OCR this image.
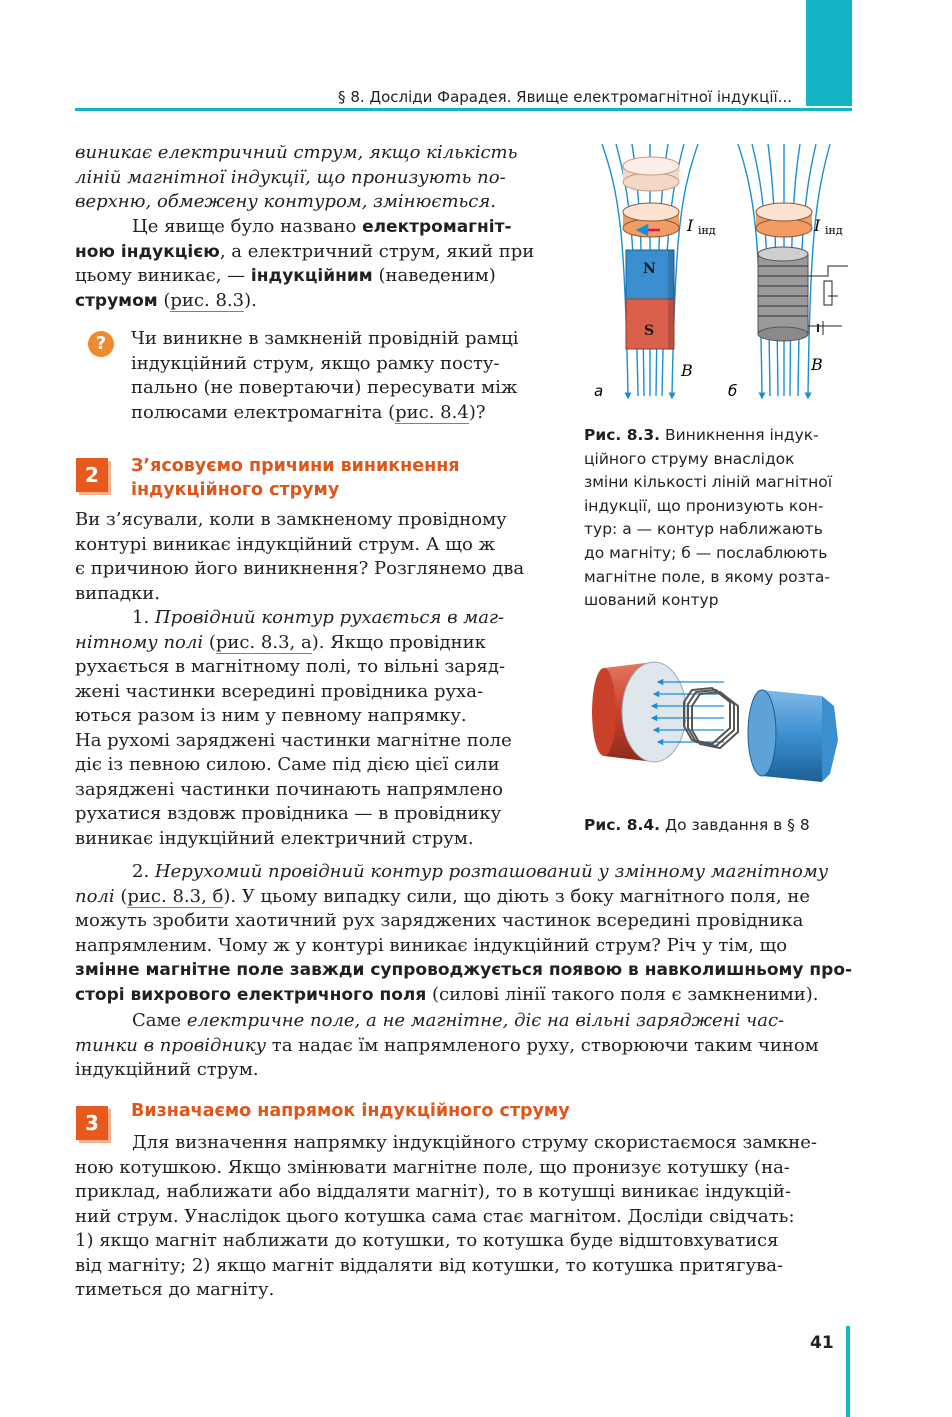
§ 8. Досліди Фарадея. Явище електромагнітної індукції...
виникає електричний струм, якщо кількість
ліній магнітної індукції, що пронизують по-
верхню, обмежену контуром, змінюється.
Це явище було названо електромагніт-
ною індукцією, а електричний струм, який при
цьому виникає, — індукційним (наведеним)
струмом (рис. 8.3).
?	Чи виникне в замкненій провідній рамці
індукційний струм, якщо рамку посту-
пально (не повертаючи) пересувати між
полюсами електромагніта (рис. 8.4)?
2	З’ясовуємо причини виникнення
індукційного струму
Ви з’ясували, коли в замкненому провідному
контурі виникає індукційний струм. А що ж
є причиною його виникнення? Розглянемо два
випадки.
1. Провідний контур рухається в маг-
нітному полі (рис. 8.3, а). Якщо провідник
рухається в магнітному полі, то вільні заряд-
жені частинки всередині провідника руха-
ються разом із ним у певному напрямку.
На рухомі заряджені частинки магнітне поле
діє із певною силою. Саме під дією цієї сили
заряджені частинки починають напрямлено
рухатися вздовж провідника — в провіднику
виникає індукційний електричний струм.
2. Нерухомий провідний контур розташований у змінному магнітному
полі (рис. 8.3, б). У цьому випадку сили, що діють з боку магнітного поля, не
можуть зробити хаотичний рух заряджених частинок всередині провідника
напрямленим. Чому ж у контурі виникає індукційний струм? Річ у тім, що
змінне магнітне поле завжди супроводжується появою в навколишньому про-
сторі вихрового електричного поля (силові лінії такого поля є замкненими).
Саме електричне поле, а не магнітне, діє на вільні заряджені час-
тинки в провіднику та надає їм напрямленого руху, створюючи таким чином
індукційний струм.
3	Визначаємо напрямок індукційного струму
Для визначення напрямку індукційного струму скористаємося замкне-
ною котушкою. Якщо змінювати магнітне поле, що пронизує котушку (на-
приклад, наближати або віддаляти магніт), то в котушці виникає індукцій-
ний струм. Унаслідок цього котушка сама стає магнітом. Досліди свідчать:
1) якщо магніт наближати до котушки, то котушка буде відштовхуватися
від магніту; 2) якщо магніт віддаляти від котушки, то котушка притягува-
тиметься до магніту.
N
S
I інд
B
а
I інд
B
б
Рис. 8.3. Виникнення індук-
ційного струму внаслідок
зміни кількості ліній магнітної
індукції, що пронизують кон-
тур: а — контур наближають
до магніту; б — послаблюють
магнітне поле, в якому розта-
шований контур
Рис. 8.4. До завдання в § 8
41
